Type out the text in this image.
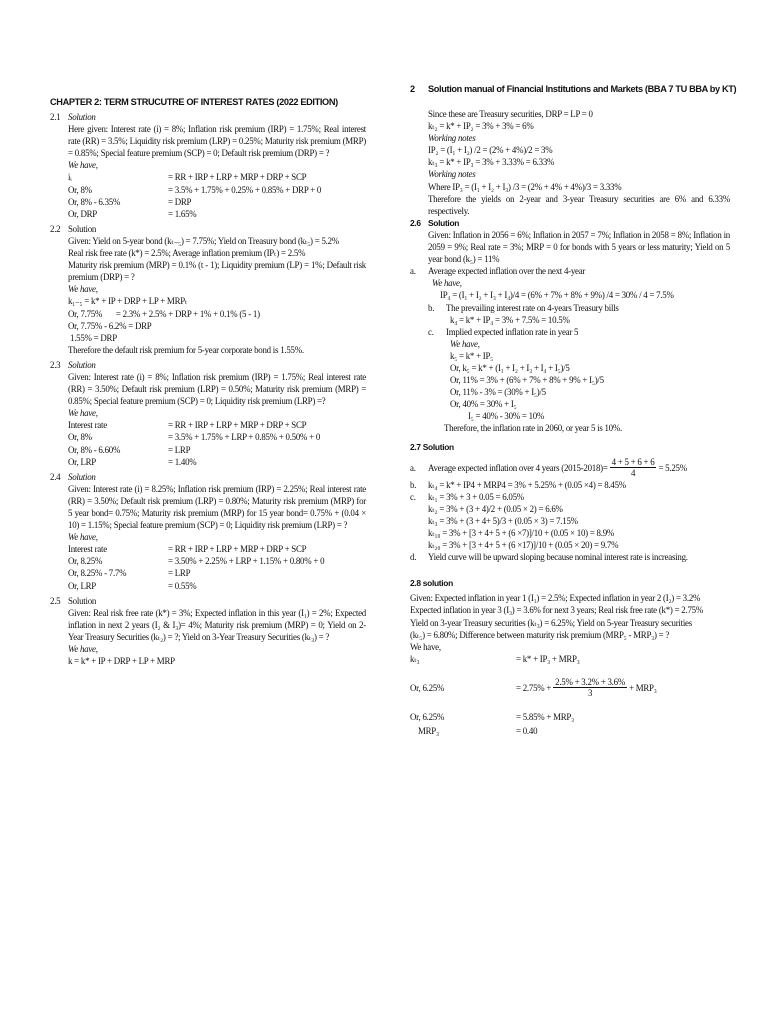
CHAPTER 2: TERM STRUCUTRE OF INTEREST RATES (2022 EDITION)
2 Solution manual of Financial Institutions and Markets (BBA 7 TU BBA by KT)
2.1 Solution
Here given: Interest rate (i) = 8%; Inflation risk premium (IRP) = 1.75%; Real interest rate (RR) = 3.5%; Liquidity risk premium (LRP) = 0.25%; Maturity risk premium (MRP) = 0.85%; Special feature premium (SCP) = 0; Default risk premium (DRP) = ?
We have,
iᵢ	= RR + IRP + LRP + MRP + DRP + SCP
Or, 8%	= 3.5% + 1.75% + 0.25% + 0.85% + DRP + 0
Or, 8% - 6.35%	= DRP
Or, DRP	= 1.65%
2.2 Solution
Given: Yield on 5-year bond (kₜ₋₅) = 7.75%; Yield on Treasury bond (kₜ₅) = 5.2%
Real risk free rate (k*) = 2.5%; Average inflation premium (IPₜ) = 2.5%
Maturity risk premium (MRP) = 0.1% (t - 1); Liquidity premium (LP) = 1%; Default risk premium (DRP) = ?
We have,
k₁₋₅ = k* + IP + DRP + LP + MRPₜ
Or, 7.75%       = 2.3% + 2.5% + DRP + 1% + 0.1% (5 - 1)
Or, 7.75% - 6.2% = DRP
1.55% = DRP
Therefore the default risk premium for 5-year corporate bond is 1.55%.
2.3 Solution
Given: Interest rate (i) = 8%; Inflation risk premium (IRP) = 1.75%; Real interest rate (RR) = 3.50%; Default risk premium (LRP) = 0.50%; Maturity risk premium (MRP) = 0.85%; Special feature premium (SCP) = 0; Liquidity risk premium (LRP) =?
We have,
Interest rate	= RR + IRP + LRP + MRP + DRP + SCP
Or, 8%	= 3.5% + 1.75% + LRP + 0.85% + 0.50% + 0
Or, 8% - 6.60%	= LRP
Or, LRP	= 1.40%
2.4 Solution
Given: Interest rate (i) = 8.25%; Inflation risk premium (IRP) = 2.25%; Real interest rate (RR) = 3.50%; Default risk premium (LRP) = 0.80%; Maturity risk premium (MRP) for 5 year bond= 0.75%; Maturity risk premium (MRP) for 15 year bond= 0.75% + (0.04 × 10) = 1.15%; Special feature premium (SCP) = 0; Liquidity risk premium (LRP) = ?
We have,
Interest rate	= RR + IRP + LRP + MRP + DRP + SCP
Or, 8.25%	= 3.50% + 2.25% + LRP + 1.15% + 0.80% + 0
Or, 8.25% - 7.7%	= LRP
Or, LRP	= 0.55%
2.5 Solution
Given: Real risk free rate (k*) = 3%; Expected inflation in this year (I₁) = 2%; Expected inflation in next 2 years (I₂ & I₃)= 4%; Maturity risk premium (MRP) = 0; Yield on 2-Year Treasury Securities (kₜ₂) = ?; Yield on 3-Year Treasury Securities (kₜ₃) = ?
We have,
k = k* + IP + DRP + LP + MRP
Since these are Treasury securities, DRP = LP = 0
kₜ₂ = k* + IP₂ = 3% + 3% = 6%
Working notes
IP₂ = (I₁ + I₂) /2 = (2% + 4%)/2 = 3%
kₜ₃ = k* + IP₃ = 3% + 3.33% = 6.33%
Working notes
Where IP₃ = (I₁ + I₂ + I₃) /3 = (2% + 4% + 4%)/3 = 3.33%
Therefore the yields on 2-year and 3-year Treasury securities are 6% and 6.33% respectively.
2.6 Solution
Given: Inflation in 2056 = 6%; Inflation in 2057 = 7%; Inflation in 2058 = 8%; Inflation in 2059 = 9%; Real rate = 3%; MRP = 0 for bonds with 5 years or less maturity; Yield on 5 year bond (k₅) = 11%
a.	Average expected inflation over the next 4-year
We have,
IP₄ = (I₁ + I₂ + I₃ + I₄)/4 = (6% + 7% + 8% + 9%) /4 = 30% / 4 = 7.5%
b.	The prevailing interest rate on 4-years Treasury bills
k₄ = k* + IP₄ = 3% + 7.5% = 10.5%
c.	Implied expected inflation rate in year 5
We have,
k₅ = k* + IP₅
Or, k₅ = k* + (I₁ + I₂ + I₃ + I₄ + I₅)/5
Or, 11% = 3% + (6% + 7% + 8% + 9% + I₅)/5
Or, 11% - 3% = (30% + I₅)/5
Or, 40% = 30% + I₅
I₅ = 40% - 30% = 10%
Therefore, the inflation rate in 2060, or year 5 is 10%.
2.7 Solution
a.	Average expected inflation over 4 years $(2015-2018)= \frac{4 + 5 + 6 + 6}{4} = 5.25\%$
b.	kₜ₄ = k* + IP4 + MRP4 = 3% + 5.25% + (0.05 ×4) = 8.45%
c.	kₜ₁ = 3% + 3 + 0.05 = 6.05%
kₜ₂ = 3% + (3 + 4)/2 + (0.05 × 2) = 6.6%
kₜ₃ = 3% + (3 + 4+ 5)/3 + (0.05 × 3) = 7.15%
kₜ₁₀ = 3% + [3 + 4+ 5 + (6 ×7)]/10 + (0.05 × 10) = 8.9%
kₜ₂₀ = 3% + [3 + 4+ 5 + (6 ×17)]/10 + (0.05 × 20) = 9.7%
d.	Yield curve will be upward sloping because nominal interest rate is increasing.
2.8 solution
Given: Expected inflation in year 1 (I₁) = 2.5%; Expected inflation in year 2 (I₂) = 3.2%
Expected inflation in year 3 (I₃) = 3.6% for next 3 years; Real risk free rate (k*) = 2.75%
Yield on 3-year Treasury securities (kₜ₃) = 6.25%; Yield on 5-year Treasury securities
(kₜ₅) = 6.80%; Difference between maturity risk premium (MRP₅ - MRP₃) = ?
We have,
kₜ₃	= k* + IP₃ + MRP₃
Or, 6.25%	= $2.75\% + \frac{2.5\% + 3.2\% + 3.6\%}{3} + MRP_3$
Or, 6.25%	= 5.85% + MRP₃
MRP₃	= 0.40
